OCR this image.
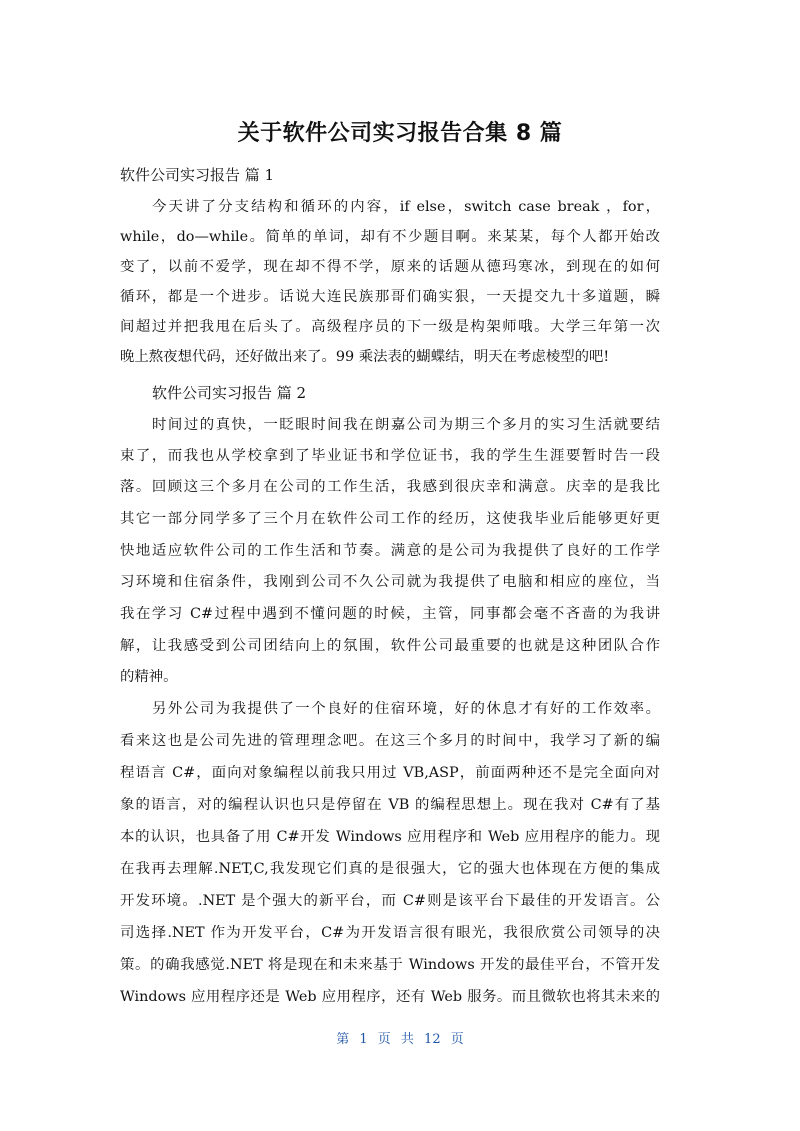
关于软件公司实习报告合集 8 篇

软件公司实习报告 篇 1

今天讲了分支结构和循环的内容，if else，switch case break ，for，

while，do—while。简单的单词，却有不少题目啊。来某某，每个人都开始改

变了，以前不爱学，现在却不得不学，原来的话题从德玛寒冰，到现在的如何

循环，都是一个进步。话说大连民族那哥们确实狠，一天提交九十多道题，瞬

间超过并把我甩在后头了。高级程序员的下一级是构架师哦。大学三年第一次

晚上熬夜想代码，还好做出来了。99 乘法表的蝴蝶结，明天在考虑棱型的吧!

软件公司实习报告 篇 2

时间过的真快，一眨眼时间我在朗嘉公司为期三个多月的实习生活就要结

束了，而我也从学校拿到了毕业证书和学位证书，我的学生生涯要暂时告一段

落。回顾这三个多月在公司的工作生活，我感到很庆幸和满意。庆幸的是我比

其它一部分同学多了三个月在软件公司工作的经历，这使我毕业后能够更好更

快地适应软件公司的工作生活和节奏。满意的是公司为我提供了良好的工作学

习环境和住宿条件，我刚到公司不久公司就为我提供了电脑和相应的座位，当

我在学习 C#过程中遇到不懂问题的时候，主管，同事都会毫不吝啬的为我讲

解，让我感受到公司团结向上的氛围，软件公司最重要的也就是这种团队合作

的精神。

另外公司为我提供了一个良好的住宿环境，好的休息才有好的工作效率。

看来这也是公司先进的管理理念吧。在这三个多月的时间中，我学习了新的编

程语言 C#，面向对象编程以前我只用过 VB,ASP，前面两种还不是完全面向对

象的语言，对的编程认识也只是停留在 VB 的编程思想上。现在我对 C#有了基

本的认识，也具备了用 C#开发 Windows 应用程序和 Web 应用程序的能力。现

在我再去理解.NET,C,我发现它们真的是很强大，它的强大也体现在方便的集成

开发环境。.NET 是个强大的新平台，而 C#则是该平台下最佳的开发语言。公

司选择.NET 作为开发平台，C#为开发语言很有眼光，我很欣赏公司领导的决

策。的确我感觉.NET 将是现在和未来基于 Windows 开发的最佳平台，不管开发

Windows 应用程序还是 Web 应用程序，还有 Web 服务。而且微软也将其未来的

第 1 页 共 12 页
